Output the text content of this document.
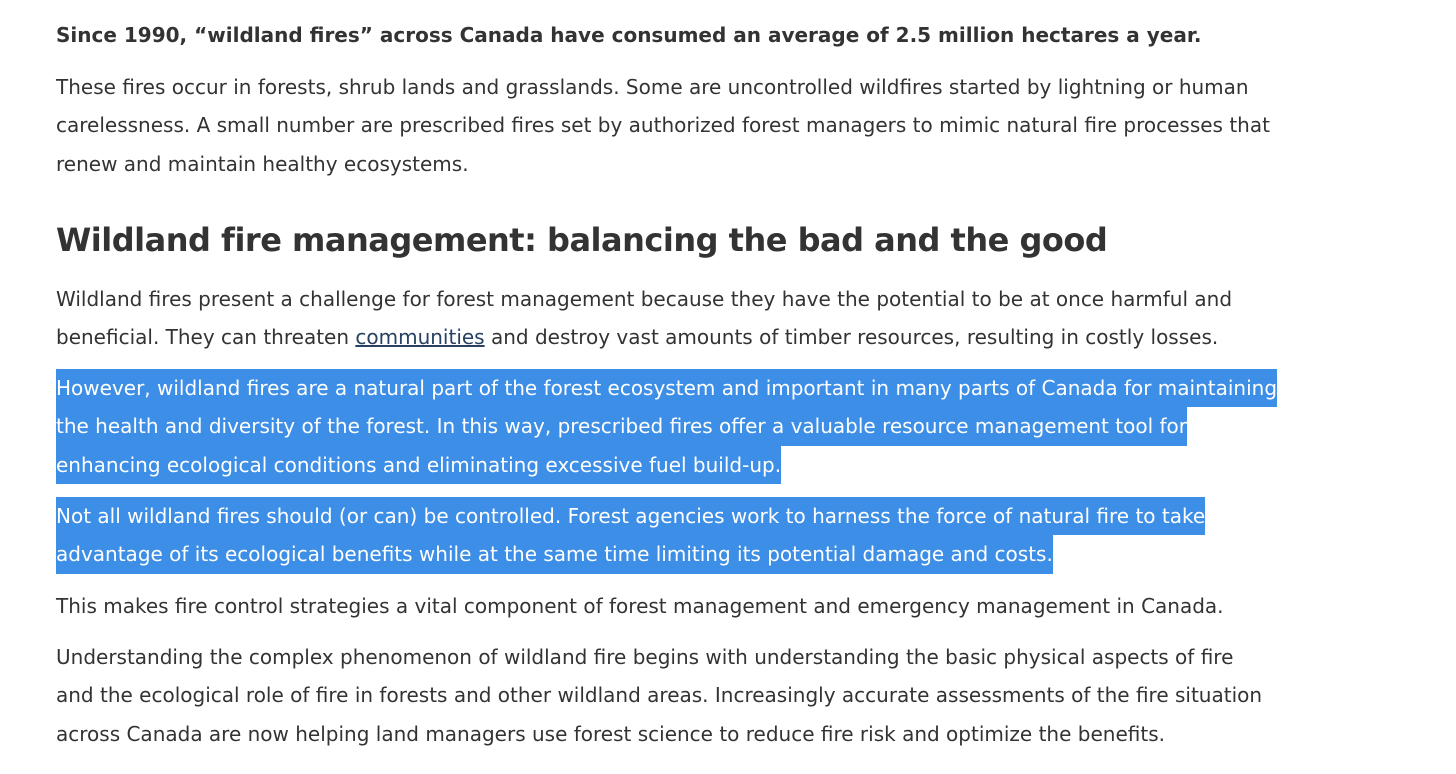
Since 1990, “wildland fires” across Canada have consumed an average of 2.5 million hectares a year.

These fires occur in forests, shrub lands and grasslands. Some are uncontrolled wildfires started by lightning or human
carelessness. A small number are prescribed fires set by authorized forest managers to mimic natural fire processes that
renew and maintain healthy ecosystems.

Wildland fire management: balancing the bad and the good

Wildland fires present a challenge for forest management because they have the potential to be at once harmful and
beneficial. They can threaten communities and destroy vast amounts of timber resources, resulting in costly losses.

However, wildland fires are a natural part of the forest ecosystem and important in many parts of Canada for maintaining
the health and diversity of the forest. In this way, prescribed fires offer a valuable resource management tool for
enhancing ecological conditions and eliminating excessive fuel build-up.

Not all wildland fires should (or can) be controlled. Forest agencies work to harness the force of natural fire to take
advantage of its ecological benefits while at the same time limiting its potential damage and costs.

This makes fire control strategies a vital component of forest management and emergency management in Canada.

Understanding the complex phenomenon of wildland fire begins with understanding the basic physical aspects of fire
and the ecological role of fire in forests and other wildland areas. Increasingly accurate assessments of the fire situation
across Canada are now helping land managers use forest science to reduce fire risk and optimize the benefits.
